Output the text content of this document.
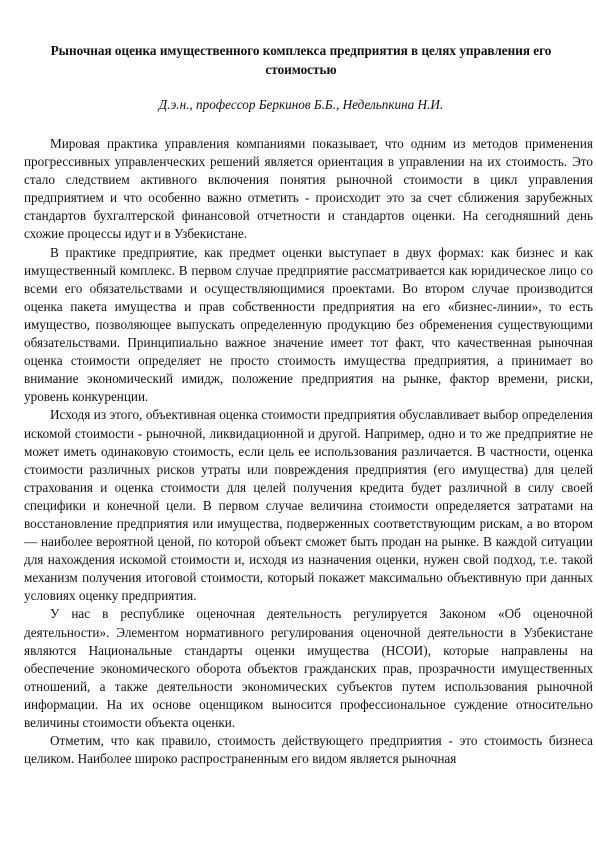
Рыночная оценка имущественного комплекса предприятия в целях управления его стоимостью

Д.э.н., профессор Беркинов Б.Б., Недельпкина Н.И.

Мировая практика управления компаниями показывает, что одним из методов применения прогрессивных управленческих решений является ориентация в управлении на их стоимость. Это стало следствием активного включения понятия рыночной стоимости в цикл управления предприятием и что особенно важно отметить - происходит это за счет сближения зарубежных стандартов бухгалтерской финансовой отчетности и стандартов оценки. На сегодняшний день схожие процессы идут и в Узбекистане.

В практике предприятие, как предмет оценки выступает в двух формах: как бизнес и как имущественный комплекс. В первом случае предприятие рассматривается как юридическое лицо со всеми его обязательствами и осуществляющимися проектами. Во втором случае производится оценка пакета имущества и прав собственности предприятия на его «бизнес-линии», то есть имущество, позволяющее выпускать определенную продукцию без обременения существующими обязательствами. Принципиально важное значение имеет тот факт, что качественная рыночная оценка стоимости определяет не просто стоимость имущества предприятия, а принимает во внимание экономический имидж, положение предприятия на рынке, фактор времени, риски, уровень конкуренции.

Исходя из этого, объективная оценка стоимости предприятия обуславливает выбор определения искомой стоимости - рыночной, ликвидационной и другой. Например, одно и то же предприятие не может иметь одинаковую стоимость, если цель ее использования различается. В частности, оценка стоимости различных рисков утраты или повреждения предприятия (его имущества) для целей

страхования и оценка стоимости для целей получения кредита будет различной в силу своей специфики и конечной цели. В первом случае величина стоимости определяется затратами на восстановление предприятия или имущества, подверженных соответствующим рискам, а во втором — наиболее вероятной ценой, по которой объект сможет быть продан на рынке. В каждой ситуации для нахождения искомой стоимости и, исходя из назначения оценки, нужен свой подход, т.е. такой механизм получения итоговой стоимости, который покажет максимально объективную при данных условиях оценку предприятия.

У нас в республике оценочная деятельность регулируется Законом «Об оценочной деятельности». Элементом нормативного регулирования оценочной деятельности в Узбекистане являются Национальные стандарты оценки имущества (НСОИ), которые направлены на обеспечение экономического оборота объектов гражданских прав, прозрачности имущественных отношений, а также деятельности экономических субъектов путем использования рыночной информации. На их основе оценщиком выносится профессиональное суждение относительно величины стоимости объекта оценки.

Отметим, что как правило, стоимость действующего предприятия - это стоимость бизнеса целиком. Наиболее широко распространенным его видом является рыночная
